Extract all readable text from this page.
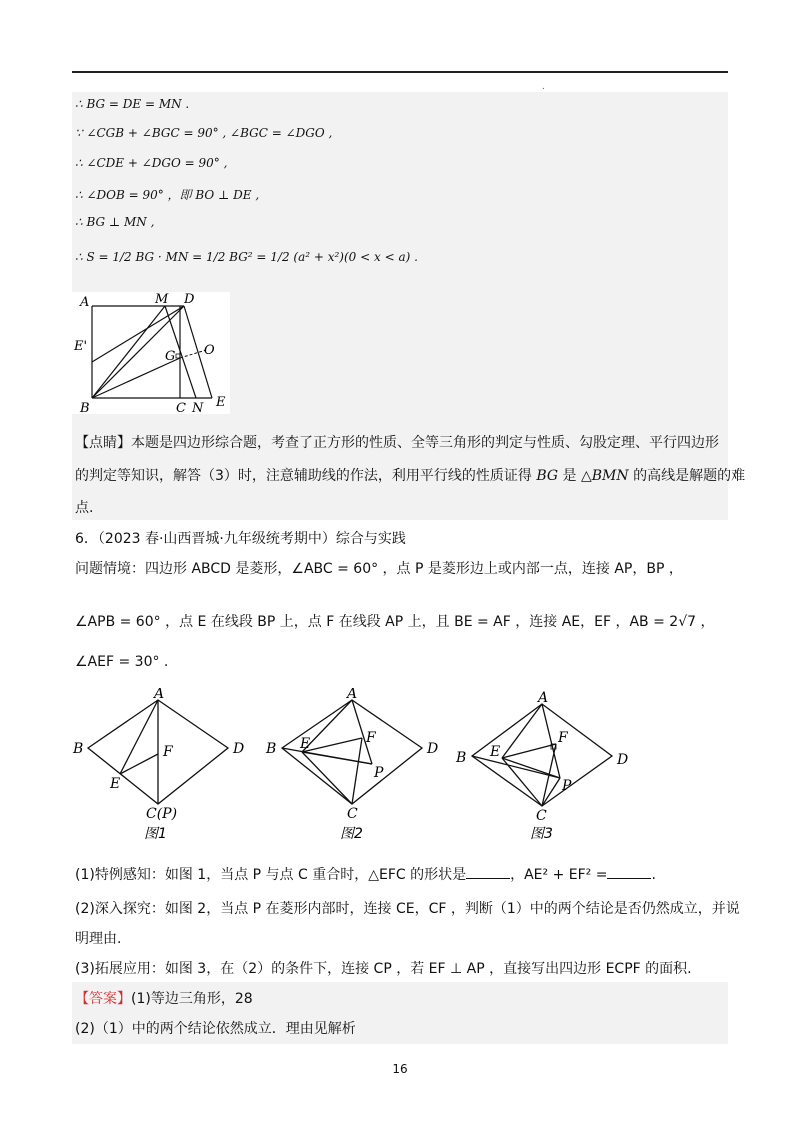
.
∴ BG = DE = MN .
∵ ∠CGB + ∠BGC = 90° , ∠BGC = ∠DGO ,
∴ ∠CDE + ∠DGO = 90° ,
∴ ∠DOB = 90° ，即 BO ⊥ DE ,
∴ BG ⊥ MN ,
∴ S = 1/2 BG · MN = 1/2 BG² = 1/2 (a² + x²)(0 < x < a) .
A	M D
E'
G O
B	C N E
【点睛】本题是四边形综合题，考查了正方形的性质、全等三角形的判定与性质、勾股定理、平行四边形
的判定等知识，解答（3）时，注意辅助线的作法，利用平行线的性质证得 BG 是 △BMN 的高线是解题的难
点.
6．（2023 春·山西晋城·九年级统考期中）综合与实践
问题情境：四边形 ABCD 是菱形，∠ABC = 60° ，点 P 是菱形边上或内部一点，连接 AP，BP ，
∠APB = 60° ，点 E 在线段 BP 上，点 F 在线段 AP 上，且 BE = AF ，连接 AE，EF ，AB = 2√7 ，
∠AEF = 30° .
A
B	D
F
E
C(P)
图1
A
B	D
E	F
P
C
图2
A
B	D
E
F
P
C
图3
(1)特例感知：如图 1，当点 P 与点 C 重合时，△EFC 的形状是	，AE² + EF² =	.
(2)深入探究：如图 2，当点 P 在菱形内部时，连接 CE，CF ，判断（1）中的两个结论是否仍然成立，并说
明理由.
(3)拓展应用：如图 3，在（2）的条件下，连接 CP ，若 EF ⊥ AP ，直接写出四边形 ECPF 的面积.
【答案】(1)等边三角形，28
(2)（1）中的两个结论依然成立．理由见解析
16
